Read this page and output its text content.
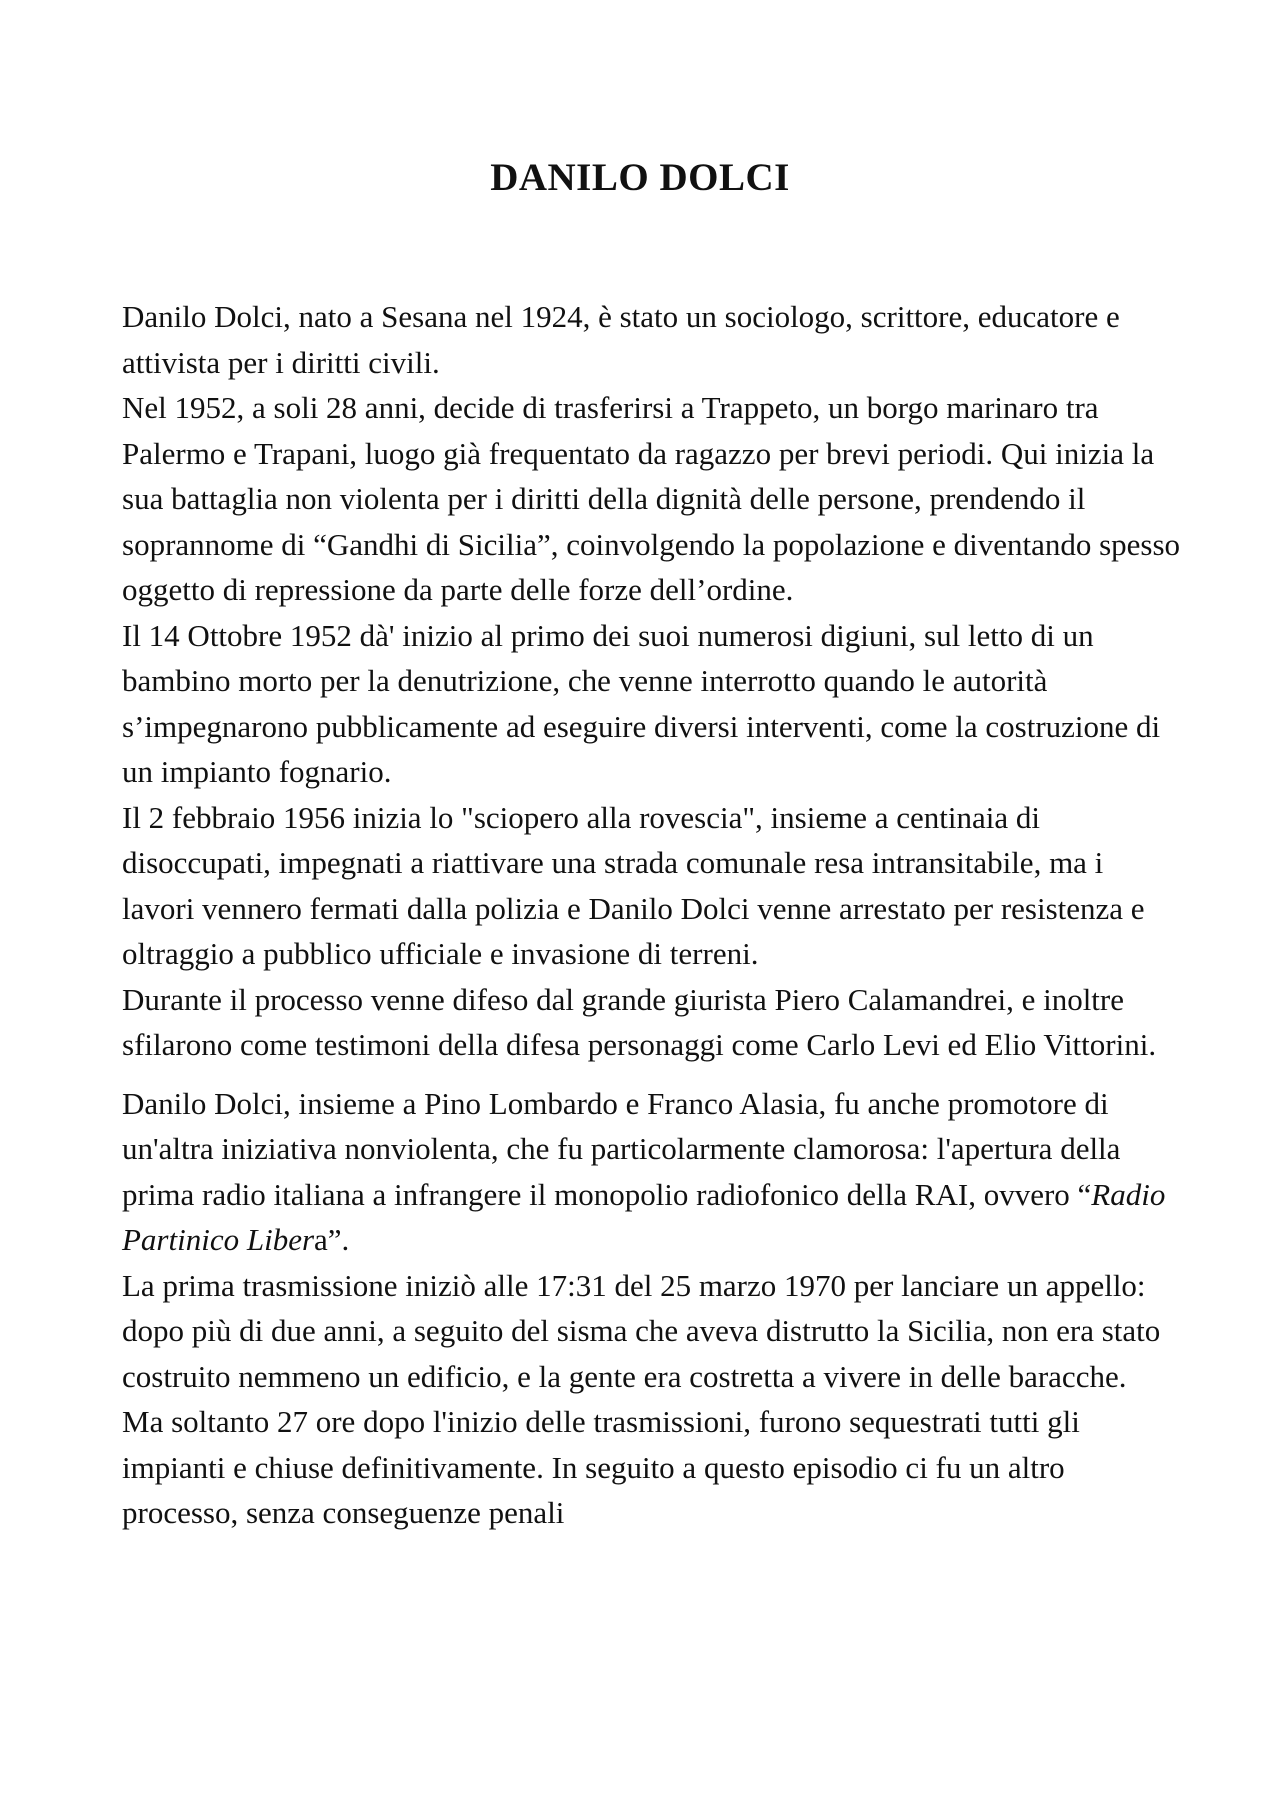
DANILO DOLCI

Danilo Dolci, nato a Sesana nel 1924, è stato un sociologo, scrittore, educatore e attivista per i diritti civili.

Nel 1952, a soli 28 anni, decide di trasferirsi a Trappeto, un borgo marinaro tra Palermo e Trapani, luogo già frequentato da ragazzo per brevi periodi. Qui inizia la sua battaglia non violenta per i diritti della dignità delle persone, prendendo il soprannome di “Gandhi di Sicilia”, coinvolgendo la popolazione e diventando spesso oggetto di repressione da parte delle forze dell’ordine.

Il 14 Ottobre 1952 dà' inizio al primo dei suoi numerosi digiuni, sul letto di un bambino morto per la denutrizione, che venne interrotto quando le autorità s’impegnarono pubblicamente ad eseguire diversi interventi, come la costruzione di un impianto fognario.

Il 2 febbraio 1956 inizia lo "sciopero alla rovescia", insieme a centinaia di disoccupati, impegnati a riattivare una strada comunale resa intransitabile, ma i lavori vennero fermati dalla polizia e Danilo Dolci venne arrestato per resistenza e oltraggio a pubblico ufficiale e invasione di terreni.

Durante il processo venne difeso dal grande giurista Piero Calamandrei, e inoltre sfilarono come testimoni della difesa personaggi come Carlo Levi ed Elio Vittorini.

Danilo Dolci, insieme a Pino Lombardo e Franco Alasia, fu anche promotore di un'altra iniziativa nonviolenta, che fu particolarmente clamorosa: l'apertura della prima radio italiana a infrangere il monopolio radiofonico della RAI, ovvero “Radio Partinico Libera”.

La prima trasmissione iniziò alle 17:31 del 25 marzo 1970 per lanciare un appello: dopo più di due anni, a seguito del sisma che aveva distrutto la Sicilia, non era stato costruito nemmeno un edificio, e la gente era costretta a vivere in delle baracche.

Ma soltanto 27 ore dopo l'inizio delle trasmissioni, furono sequestrati tutti gli impianti e chiuse definitivamente. In seguito a questo episodio ci fu un altro processo, senza conseguenze penali
